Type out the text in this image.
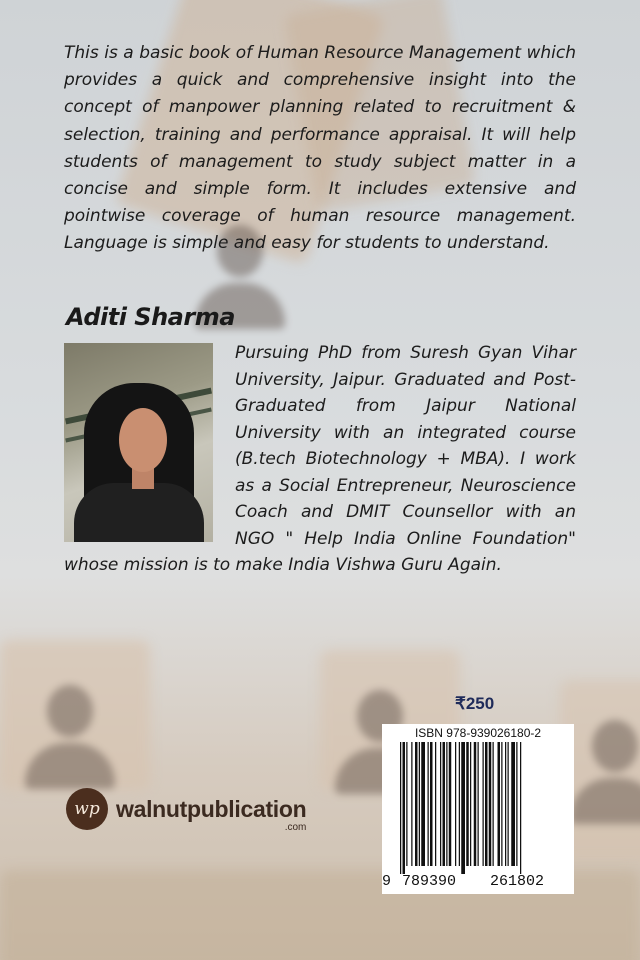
This is a basic book of Human Resource Management which provides a quick and comprehensive insight into the concept of manpower planning related to recruitment & selection, training and performance appraisal. It will help students of management to study subject matter in a concise and simple form. It includes extensive and pointwise coverage of human resource management. Language is simple and easy for students to understand.

Aditi Sharma

Pursuing PhD from Suresh Gyan Vihar University, Jaipur. Graduated and Post- Graduated from Jaipur National University with an integrated course (B.tech Biotechnology + MBA). I work as a Social Entrepreneur, Neuroscience Coach and DMIT Counsellor with an NGO " Help India Online Foundation" whose mission is to make India Vishwa Guru Again.

wp walnutpublication
.com
₹250
ISBN 978-939026180-2
9 789390 261802
